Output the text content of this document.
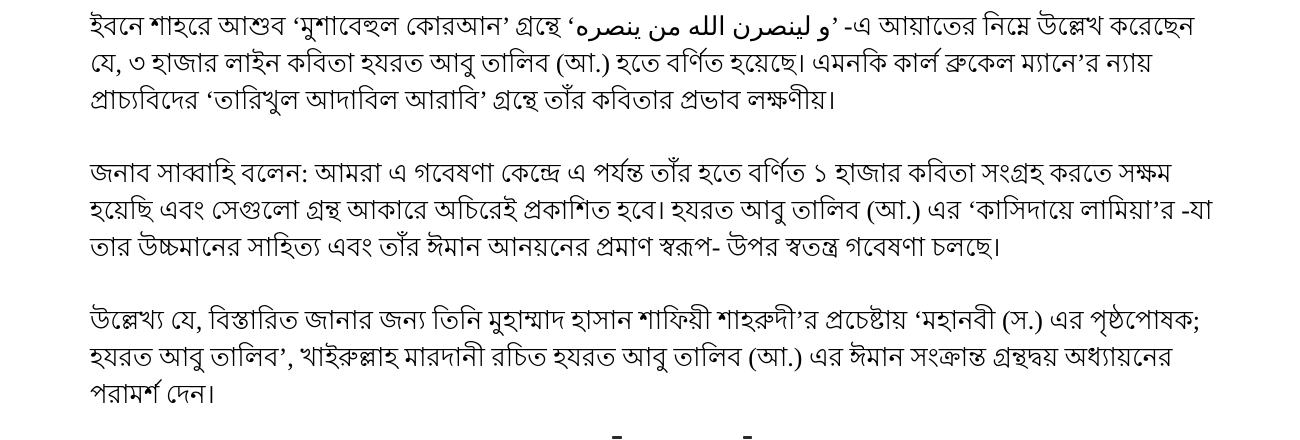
ইবনে শাহরে আশুব ‘মুশাবেহুল কোরআন’ গ্রন্থে ‘و لينصرن الله من ينصره’ -এ আয়াতের নিম্নে উল্লেখ করেছেন যে, ৩ হাজার লাইন কবিতা হযরত আবু তালিব (আ.) হতে বর্ণিত হয়েছে। এমনকি কার্ল ব্রুকেল ম্যানে’র ন্যায় প্রাচ্যবিদের ‘তারিখুল আদাবিল আরাবি’ গ্রন্থে তাঁর কবিতার প্রভাব লক্ষণীয়।

জনাব সাব্বাহি বলেন: আমরা এ গবেষণা কেন্দ্রে এ পর্যন্ত তাঁর হতে বর্ণিত ১ হাজার কবিতা সংগ্রহ করতে সক্ষম হয়েছি এবং সেগুলো গ্রন্থ আকারে অচিরেই প্রকাশিত হবে। হযরত আবু তালিব (আ.) এর ‘কাসিদায়ে লামিয়া’র -যা তার উচ্চমানের সাহিত্য এবং তাঁর ঈমান আনয়নের প্রমাণ স্বরূপ- উপর স্বতন্ত্র গবেষণা চলছে।

উল্লেখ্য যে, বিস্তারিত জানার জন্য তিনি মুহাম্মাদ হাসান শাফিয়ী শাহরুদী’র প্রচেষ্টায় ‘মহানবী (স.) এর পৃষ্ঠপোষক; হযরত আবু তালিব’, খাইরুল্লাহ মারদানী রচিত হযরত আবু তালিব (আ.) এর ঈমান সংক্রান্ত গ্রন্থদ্বয় অধ্যায়নের পরামর্শ দেন।
